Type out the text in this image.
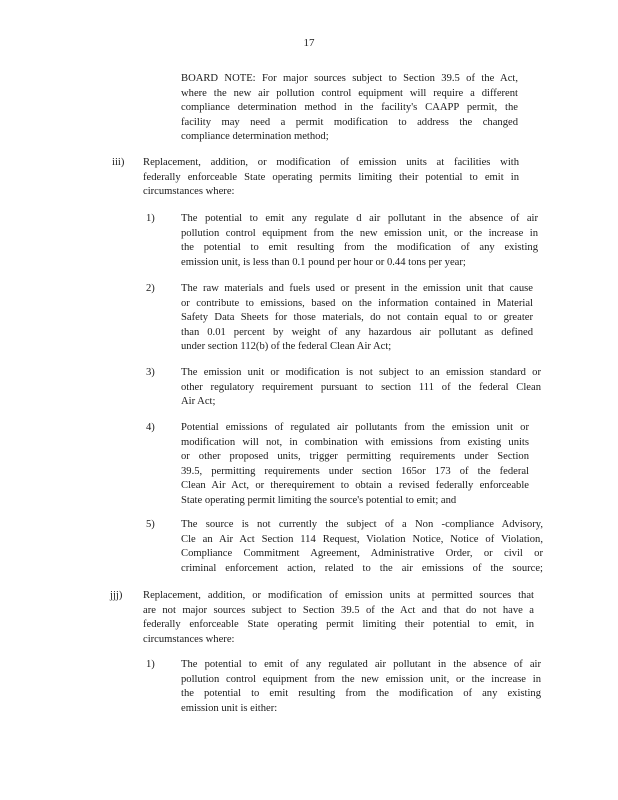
17
BOARD NOTE: For major sources subject to Section 39.5 of the Act,
where the new air pollution control equipment will require a different
compliance determination method in the facility's CAAPP permit, the
facility may need a permit modification to address the changed
compliance determination method;
iii) Replacement, addition, or modification of emission units at facilities with
federally enforceable State operating permits limiting their potential to emit in
circumstances where:
1) The potential to emit any regulate d air pollutant in the absence of air
pollution control equipment from the new emission unit, or the increase in
the potential to emit resulting from the modification of any existing
emission unit, is less than 0.1 pound per hour or 0.44 tons per year;
2) The raw materials and fuels used or present in the emission unit that cause
or contribute to emissions, based on the information contained in Material
Safety Data Sheets for those materials, do not contain equal to or greater
than 0.01 percent by weight of any hazardous air pollutant as defined
under section 112(b) of the federal Clean Air Act;
3) The emission unit or modification is not subject to an emission standard or
other regulatory requirement pursuant to section 111 of the federal Clean
Air Act;
4) Potential emissions of regulated air pollutants from the emission unit or
modification will not, in combination with emissions from existing units
or other proposed units, trigger permitting requirements under Section
39.5, permitting requirements under section 165or 173 of the federal
Clean Air Act, or therequirement to obtain a revised federally enforceable
State operating permit limiting the source's potential to emit; and
5) The source is not currently the subject of a Non -compliance Advisory,
Cle an Air Act Section 114 Request, Violation Notice, Notice of Violation,
Compliance Commitment Agreement, Administrative Order, or civil or
criminal enforcement action, related to the air emissions of the source;
jjj) Replacement, addition, or modification of emission units at permitted sources that
are not major sources subject to Section 39.5 of the Act and that do not have a
federally enforceable State operating permit limiting their potential to emit, in
circumstances where:
1) The potential to emit of any regulated air pollutant in the absence of air
pollution control equipment from the new emission unit, or the increase in
the potential to emit resulting from the modification of any existing
emission unit is either:
